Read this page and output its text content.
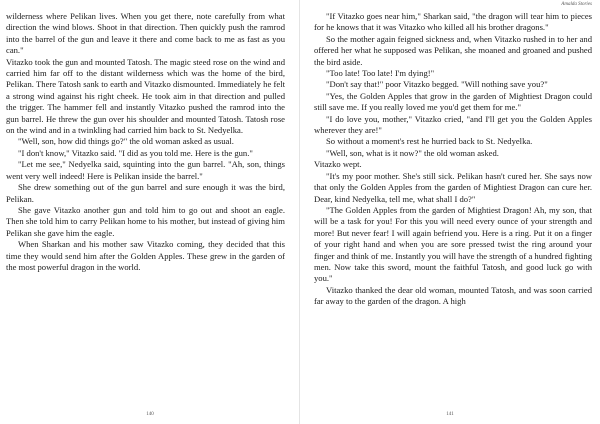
wilderness where Pelikan lives. When you get there, note carefully from what direction the wind blows. Shoot in that direction. Then quickly push the ramrod into the barrel of the gun and leave it there and come back to me as fast as you can."

Vitazko took the gun and mounted Tatosh. The magic steed rose on the wind and carried him far off to the distant wilderness which was the home of the bird, Pelikan. There Tatosh sank to earth and Vitazko dismounted. Immediately he felt a strong wind against his right cheek. He took aim in that direction and pulled the trigger. The hammer fell and instantly Vitazko pushed the ramrod into the gun barrel. He threw the gun over his shoulder and mounted Tatosh. Tatosh rose on the wind and in a twinkling had carried him back to St. Nedyelka.

"Well, son, how did things go?" the old woman asked as usual.

"I don't know," Vitazko said. "I did as you told me. Here is the gun."

"Let me see," Nedyelka said, squinting into the gun barrel. "Ah, son, things went very well indeed! Here is Pelikan inside the barrel."

She drew something out of the gun barrel and sure enough it was the bird, Pelikan.

She gave Vitazko another gun and told him to go out and shoot an eagle. Then she told him to carry Pelikan home to his mother, but instead of giving him Pelikan she gave him the eagle.

When Sharkan and his mother saw Vitazko coming, they decided that this time they would send him after the Golden Apples. These grew in the garden of the most powerful dragon in the world.

140
Amalda Stories

"If Vitazko goes near him," Sharkan said, "the dragon will tear him to pieces for he knows that it was Vitazko who killed all his brother dragons."

So the mother again feigned sickness and, when Vitazko rushed in to her and offered her what he supposed was Pelikan, she moaned and groaned and pushed the bird aside.

"Too late! Too late! I'm dying!"

"Don't say that!" poor Vitazko begged. "Will nothing save you?"

"Yes, the Golden Apples that grow in the garden of Mightiest Dragon could still save me. If you really loved me you'd get them for me."

"I do love you, mother," Vitazko cried, "and I'll get you the Golden Apples wherever they are!"

So without a moment's rest he hurried back to St. Nedyelka.

"Well, son, what is it now?" the old woman asked.

Vitazko wept.

"It's my poor mother. She's still sick. Pelikan hasn't cured her. She says now that only the Golden Apples from the garden of Mightiest Dragon can cure her. Dear, kind Nedyelka, tell me, what shall I do?"

"The Golden Apples from the garden of Mightiest Dragon! Ah, my son, that will be a task for you! For this you will need every ounce of your strength and more! But never fear! I will again befriend you. Here is a ring. Put it on a finger of your right hand and when you are sore pressed twist the ring around your finger and think of me. Instantly you will have the strength of a hundred fighting men. Now take this sword, mount the faithful Tatosh, and good luck go with you."

Vitazko thanked the dear old woman, mounted Tatosh, and was soon carried far away to the garden of the dragon. A high

141
